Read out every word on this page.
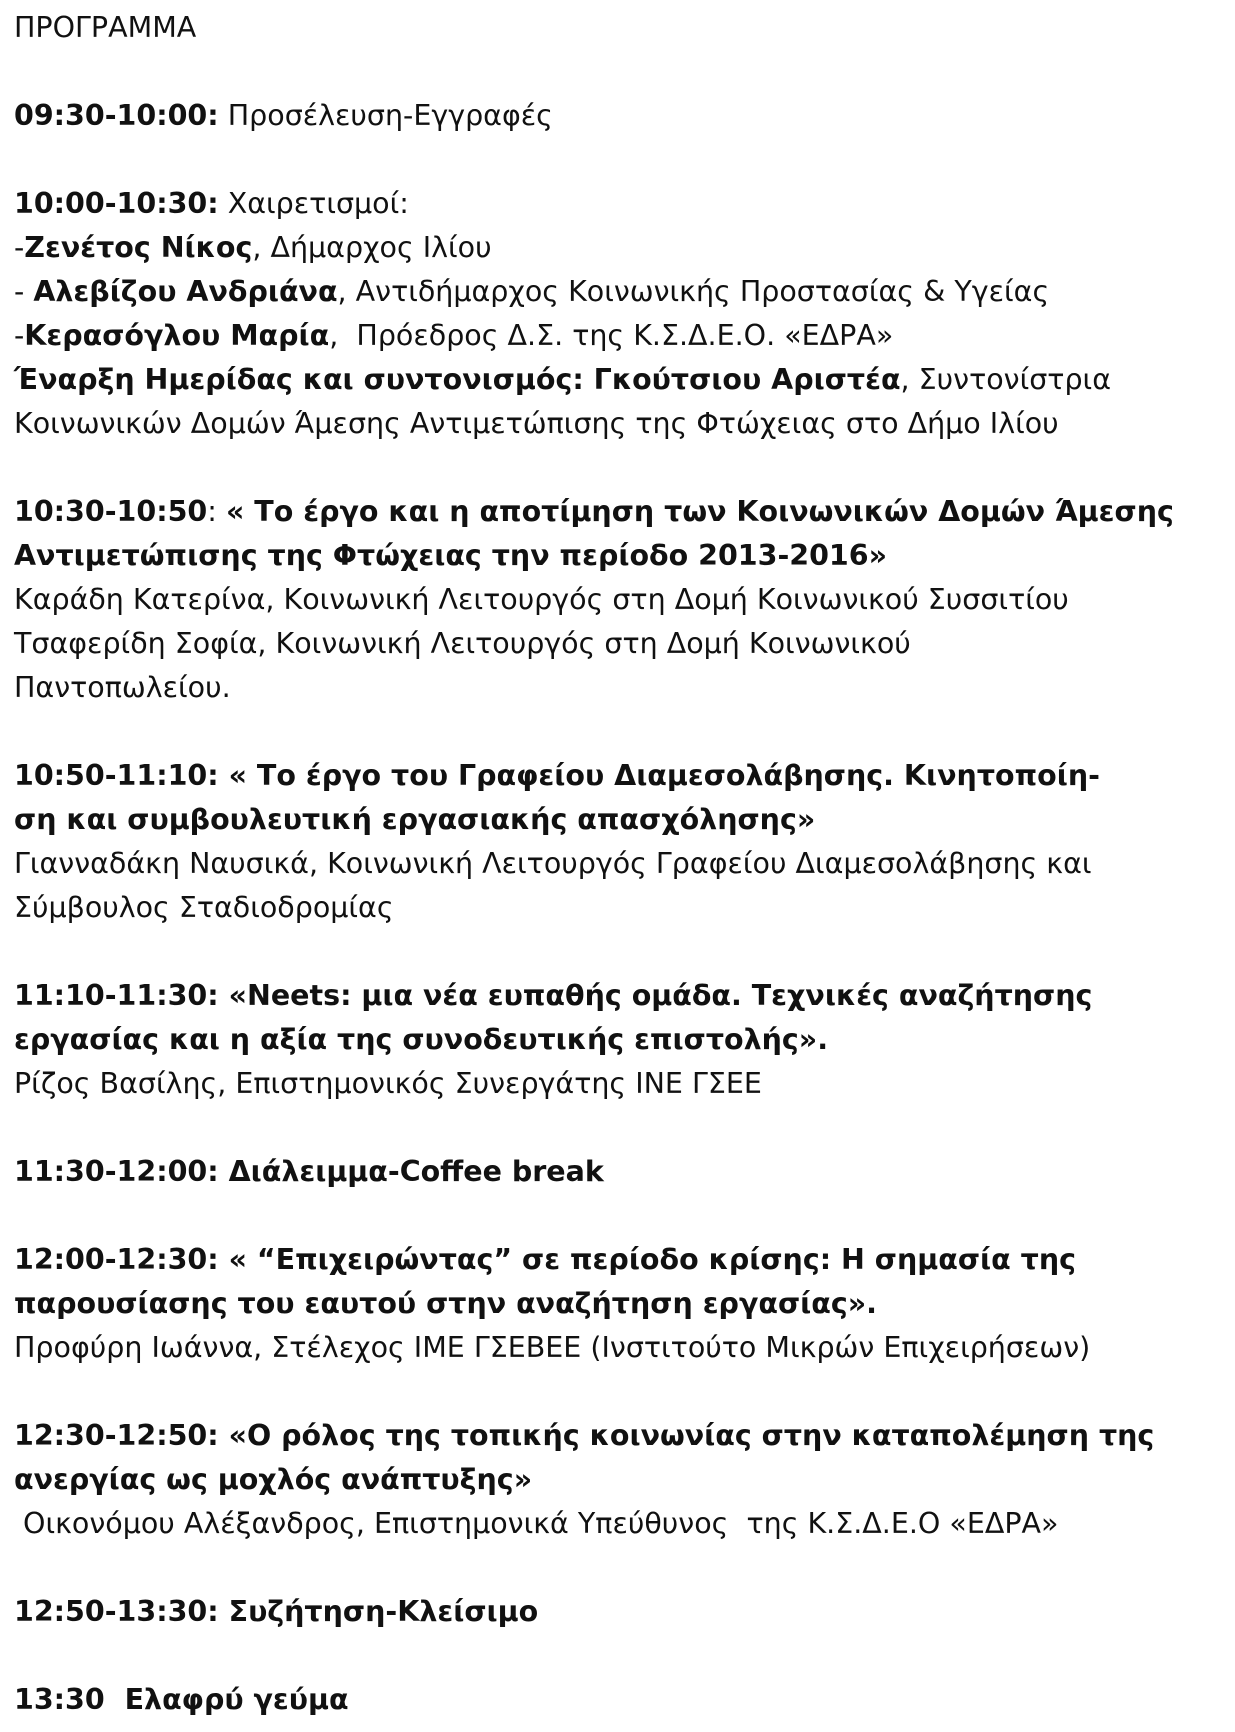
ΠΡΟΓΡΑΜΜΑ
09:30-10:00: Προσέλευση-Εγγραφές
10:00-10:30: Χαιρετισμοί:
-Ζενέτος Νίκος, Δήμαρχος Ιλίου
- Αλεβίζου Ανδριάνα, Αντιδήμαρχος Κοινωνικής Προστασίας & Υγείας
-Κερασόγλου Μαρία,  Πρόεδρος Δ.Σ. της Κ.Σ.Δ.Ε.Ο. «ΕΔΡΑ»
Έναρξη Ημερίδας και συντονισμός: Γκούτσιου Αριστέα, Συντονίστρια
Κοινωνικών Δομών Άμεσης Αντιμετώπισης της Φτώχειας στο Δήμο Ιλίου
10:30-10:50: « Το έργο και η αποτίμηση των Κοινωνικών Δομών Άμεσης
Αντιμετώπισης της Φτώχειας την περίοδο 2013-2016»
Καράδη Κατερίνα, Κοινωνική Λειτουργός στη Δομή Κοινωνικού Συσσιτίου
Τσαφερίδη Σοφία, Κοινωνική Λειτουργός στη Δομή Κοινωνικού
Παντοπωλείου.
10:50-11:10: « Το έργο του Γραφείου Διαμεσολάβησης. Κινητοποίη-
ση και συμβουλευτική εργασιακής απασχόλησης»
Γιανναδάκη Ναυσικά, Κοινωνική Λειτουργός Γραφείου Διαμεσολάβησης και
Σύμβουλος Σταδιοδρομίας
11:10-11:30: «Neets: μια νέα ευπαθής ομάδα. Τεχνικές αναζήτησης
εργασίας και η αξία της συνοδευτικής επιστολής».
Ρίζος Βασίλης, Επιστημονικός Συνεργάτης ΙΝΕ ΓΣΕΕ
11:30-12:00: Διάλειμμα-Coffee break
12:00-12:30: « “Επιχειρώντας” σε περίοδο κρίσης: Η σημασία της
παρουσίασης του εαυτού στην αναζήτηση εργασίας».
Προφύρη Ιωάννα, Στέλεχος ΙΜΕ ΓΣΕΒΕΕ (Ινστιτούτο Μικρών Επιχειρήσεων)
12:30-12:50: «Ο ρόλος της τοπικής κοινωνίας στην καταπολέμηση της
ανεργίας ως μοχλός ανάπτυξης»
Οικονόμου Αλέξανδρος, Επιστημονικά Υπεύθυνος  της Κ.Σ.Δ.Ε.Ο «ΕΔΡΑ»
12:50-13:30: Συζήτηση-Κλείσιμο
13:30  Ελαφρύ γεύμα
